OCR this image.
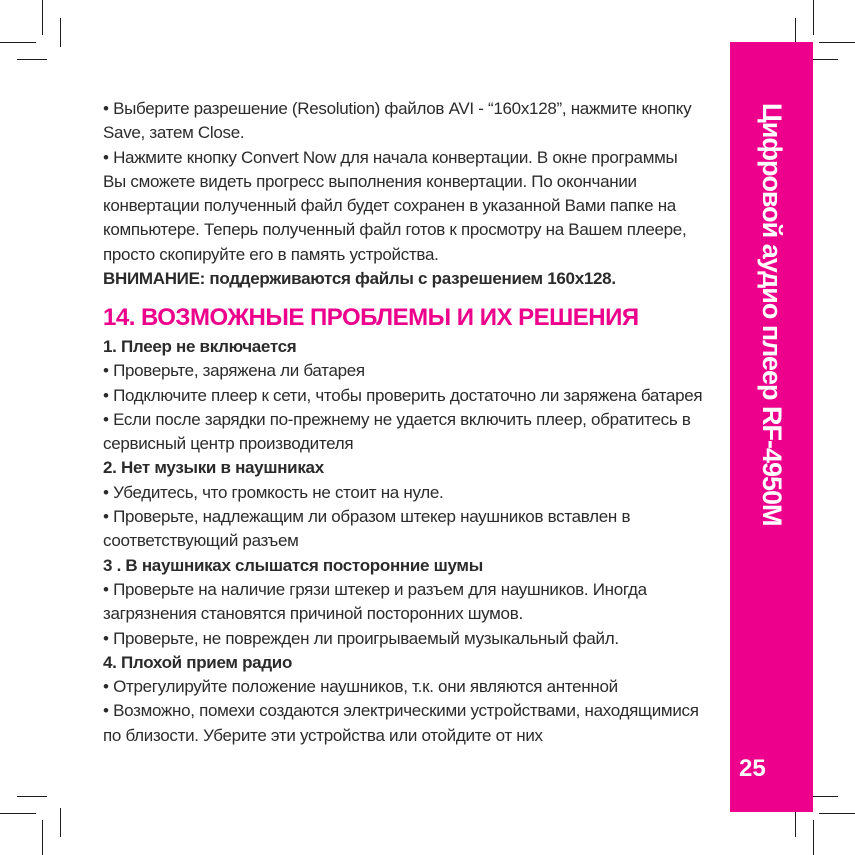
• Выберите разрешение (Resolution) файлов AVI - “160x128”, нажмите кнопку
Save, затем Close.
• Нажмите кнопку Convert Now для начала конвертации. В окне программы
Вы сможете видеть прогресс выполнения конвертации. По окончании
конвертации полученный файл будет сохранен в указанной Вами папке на
компьютере. Теперь полученный файл готов к просмотру на Вашем плеере,
просто скопируйте его в память устройства.
ВНИМАНИЕ: поддерживаются файлы с разрешением 160x128.
14. ВОЗМОЖНЫЕ ПРОБЛЕМЫ И ИХ РЕШЕНИЯ
1. Плеер не включается
• Проверьте, заряжена ли батарея
• Подключите плеер к сети, чтобы проверить достаточно ли заряжена батарея
• Если после зарядки по-прежнему не удается включить плеер, обратитесь в
сервисный центр производителя
2. Нет музыки в наушниках
• Убедитесь, что громкость не стоит на нуле.
• Проверьте, надлежащим ли образом штекер наушников вставлен в
соответствующий разъем
3 . В наушниках слышатся посторонние шумы
• Проверьте на наличие грязи штекер и разъем для наушников. Иногда
загрязнения становятся причиной посторонних шумов.
• Проверьте, не поврежден ли проигрываемый музыкальный файл.
4. Плохой прием радио
• Отрегулируйте положение наушников, т.к. они являются антенной
• Возможно, помехи создаются электрическими устройствами, находящимися
по близости. Уберите эти устройства или отойдите от них
Цифровой аудио плеер RF-4950M
25
